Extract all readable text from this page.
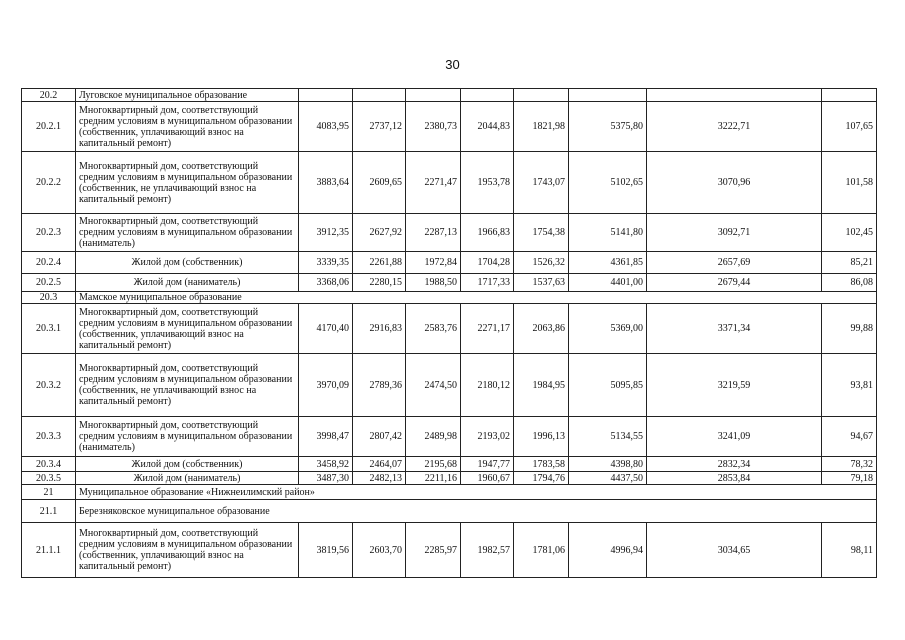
30
20.2	Луговское муниципальное образование								
20.2.1	Многоквартирный дом, соответствующий средним условиям в муниципальном образовании (собственник, уплачивающий взнос на капитальный ремонт)	4083,95	2737,12	2380,73	2044,83	1821,98	5375,80	3222,71	107,65
20.2.2	Многоквартирный дом, соответствующий средним условиям в муниципальном образовании (собственник, не уплачивающий взнос на капитальный ремонт)	3883,64	2609,65	2271,47	1953,78	1743,07	5102,65	3070,96	101,58
20.2.3	Многоквартирный дом, соответствующий средним условиям в муниципальном образовании (наниматель)	3912,35	2627,92	2287,13	1966,83	1754,38	5141,80	3092,71	102,45
20.2.4	Жилой дом (собственник)	3339,35	2261,88	1972,84	1704,28	1526,32	4361,85	2657,69	85,21
20.2.5	Жилой дом (наниматель)	3368,06	2280,15	1988,50	1717,33	1537,63	4401,00	2679,44	86,08
20.3	Мамское муниципальное образование								
20.3.1	Многоквартирный дом, соответствующий средним условиям в муниципальном образовании (собственник, уплачивающий взнос на капитальный ремонт)	4170,40	2916,83	2583,76	2271,17	2063,86	5369,00	3371,34	99,88
20.3.2	Многоквартирный дом, соответствующий средним условиям в муниципальном образовании (собственник, не уплачивающий взнос на капитальный ремонт)	3970,09	2789,36	2474,50	2180,12	1984,95	5095,85	3219,59	93,81
20.3.3	Многоквартирный дом, соответствующий средним условиям в муниципальном образовании (наниматель)	3998,47	2807,42	2489,98	2193,02	1996,13	5134,55	3241,09	94,67
20.3.4	Жилой дом (собственник)	3458,92	2464,07	2195,68	1947,77	1783,58	4398,80	2832,34	78,32
20.3.5	Жилой дом (наниматель)	3487,30	2482,13	2211,16	1960,67	1794,76	4437,50	2853,84	79,18
21	Муниципальное образование «Нижнеилимский район»								
21.1	Березняковское муниципальное образование								
21.1.1	Многоквартирный дом, соответствующий средним условиям в муниципальном образовании (собственник, уплачивающий взнос на капитальный ремонт)	3819,56	2603,70	2285,97	1982,57	1781,06	4996,94	3034,65	98,11
